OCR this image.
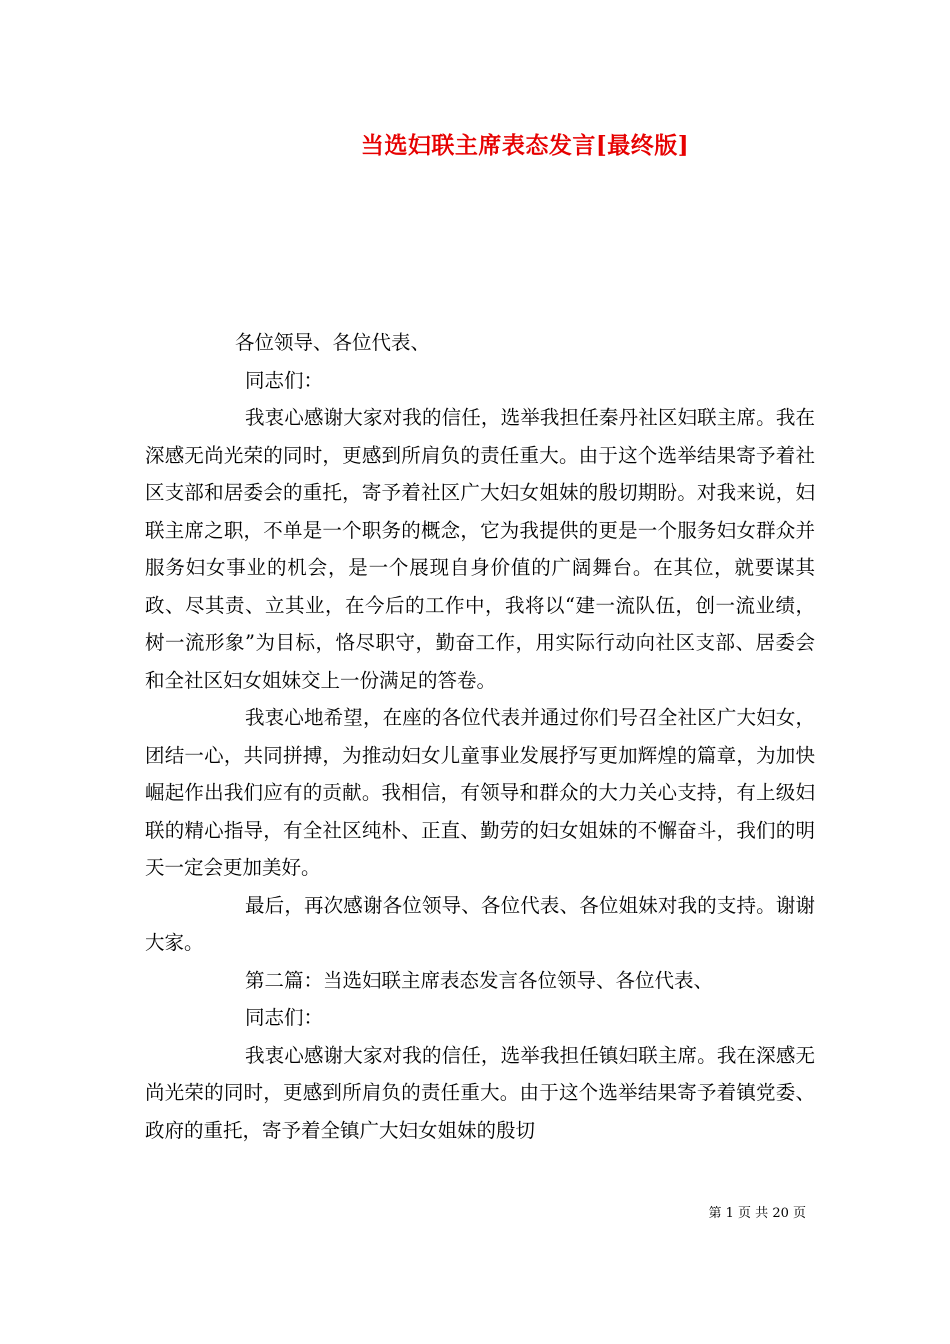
当选妇联主席表态发言[最终版]

各位领导、各位代表、

同志们：

我衷心感谢大家对我的信任，选举我担任秦丹社区妇联主席。我在深感无尚光荣的同时，更感到所肩负的责任重大。由于这个选举结果寄予着社区支部和居委会的重托，寄予着社区广大妇女姐妹的殷切期盼。对我来说，妇联主席之职，不单是一个职务的概念，它为我提供的更是一个服务妇女群众并服务妇女事业的机会，是一个展现自身价值的广阔舞台。在其位，就要谋其政、尽其责、立其业，在今后的工作中，我将以“建一流队伍，创一流业绩，树一流形象”为目标，恪尽职守，勤奋工作，用实际行动向社区支部、居委会和全社区妇女姐妹交上一份满足的答卷。

我衷心地希望，在座的各位代表并通过你们号召全社区广大妇女，团结一心，共同拼搏，为推动妇女儿童事业发展抒写更加辉煌的篇章，为加快崛起作出我们应有的贡献。我相信，有领导和群众的大力关心支持，有上级妇联的精心指导，有全社区纯朴、正直、勤劳的妇女姐妹的不懈奋斗，我们的明天一定会更加美好。

最后，再次感谢各位领导、各位代表、各位姐妹对我的支持。谢谢大家。

第二篇：当选妇联主席表态发言各位领导、各位代表、

同志们：

我衷心感谢大家对我的信任，选举我担任镇妇联主席。我在深感无尚光荣的同时，更感到所肩负的责任重大。由于这个选举结果寄予着镇党委、政府的重托，寄予着全镇广大妇女姐妹的殷切

第 1 页 共 20 页
